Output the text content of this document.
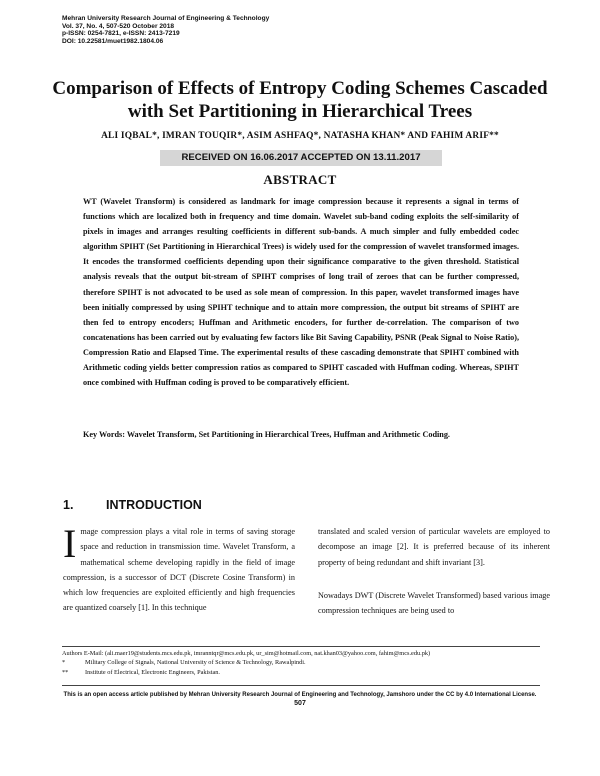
Mehran University Research Journal of Engineering & Technology
Vol. 37, No. 4, 507-520 October 2018
p-ISSN: 0254-7821, e-ISSN: 2413-7219
DOI: 10.22581/muet1982.1804.06
Comparison of Effects of Entropy Coding Schemes Cascaded
with Set Partitioning in Hierarchical Trees
ALI IQBAL*, IMRAN TOUQIR*, ASIM ASHFAQ*, NATASHA KHAN* AND FAHIM ARIF**
RECEIVED ON 16.06.2017 ACCEPTED ON 13.11.2017
ABSTRACT
WT (Wavelet Transform) is considered as landmark for image compression because it represents a signal in terms of functions which are localized both in frequency and time domain. Wavelet sub-band coding exploits the self-similarity of pixels in images and arranges resulting coefficients in different sub-bands. A much simpler and fully embedded codec algorithm SPIHT (Set Partitioning in Hierarchical Trees) is widely used for the compression of wavelet transformed images. It encodes the transformed coefficients depending upon their significance comparative to the given threshold. Statistical analysis reveals that the output bit-stream of SPIHT comprises of long trail of zeroes that can be further compressed, therefore SPIHT is not advocated to be used as sole mean of compression. In this paper, wavelet transformed images have been initially compressed by using SPIHT technique and to attain more compression, the output bit streams of SPIHT are then fed to entropy encoders; Huffman and Arithmetic encoders, for further de-correlation. The comparison of two concatenations has been carried out by evaluating few factors like Bit Saving Capability, PSNR (Peak Signal to Noise Ratio), Compression Ratio and Elapsed Time. The experimental results of these cascading demonstrate that SPIHT combined with Arithmetic coding yields better compression ratios as compared to SPIHT cascaded with Huffman coding. Whereas, SPIHT once combined with Huffman coding is proved to be comparatively efficient.
Key Words: Wavelet Transform, Set Partitioning in Hierarchical Trees, Huffman and Arithmetic Coding.
1.	INTRODUCTION
Image compression plays a vital role in terms of saving storage space and reduction in transmission time. Wavelet Transform, a mathematical scheme developing rapidly in the field of image compression, is a successor of DCT (Discrete Cosine Transform) in which low frequencies are exploited efficiently and high frequencies are quantized coarsely [1]. In this technique
translated and scaled version of particular wavelets are employed to decompose an image [2]. It is preferred because of its inherent property of being redundant and shift invariant [3].
Nowadays DWT (Discrete Wavelet Transformed) based various image compression techniques are being used to
Authors E-Mail: (ali.maer19@students.mcs.edu.pk, imranntqr@mcs.edu.pk, ur_sim@hotmail.com, nat.khan03@yahoo.com, fahim@mcs.edu.pk)
*	Military College of Signals, National University of Science & Technology, Rawalpindi.
**	Institute of Electrical, Electronic Engineers, Pakistan.
This is an open access article published by Mehran University Research Journal of Engineering and Technology, Jamshoro under the CC by 4.0 International License.
507
